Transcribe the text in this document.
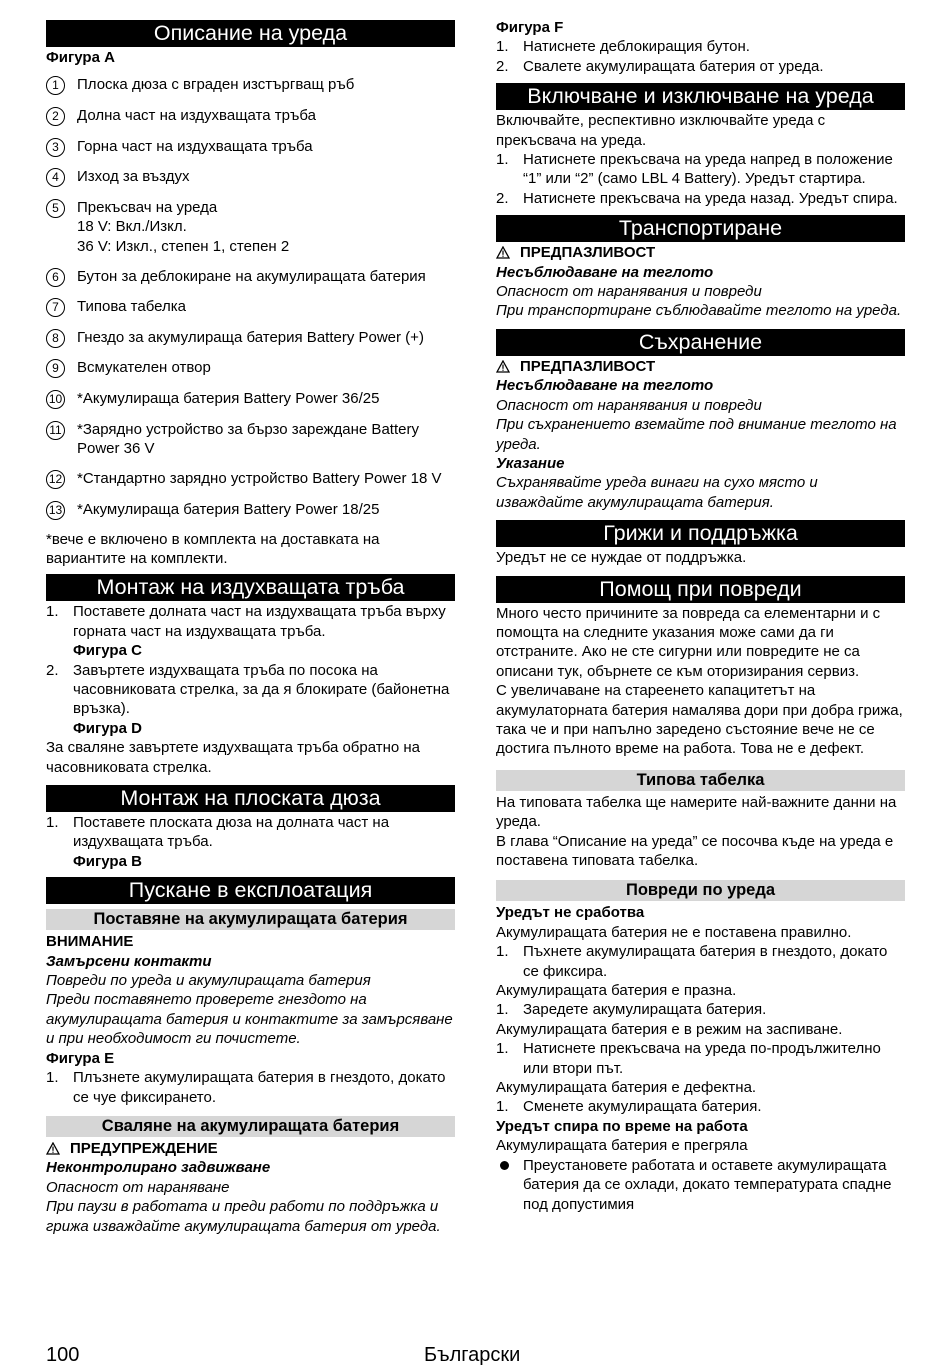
Описание на уреда
Фигура A
1	Плоска дюза с вграден изстъргващ ръб
2	Долна част на издухващата тръба
3	Горна част на издухващата тръба
4	Изход за въздух
5	Прекъсвач на уреда
18 V: Вкл./Изкл.
36 V: Изкл., степен 1, степен 2
6	Бутон за деблокиране на акумулиращата батерия
7	Типова табелка
8	Гнездо за акумулираща батерия Battery Power (+)
9	Всмукателен отвор
10 *Акумулираща батерия Battery Power 36/25
11 *Зарядно устройство за бързо зареждане Battery Power 36 V
12 *Стандартно зарядно устройство Battery Power 18 V
13 *Акумулираща батерия Battery Power 18/25
*вече е включено в комплекта на доставката на вариантите на комплекти.
Монтаж на издухващата тръба
1. Поставете долната част на издухващата тръба върху горната част на издухващата тръба.
Фигура C
2. Завъртете издухващата тръба по посока на часовниковата стрелка, за да я блокирате (байонетна връзка).
Фигура D
За сваляне завъртете издухващата тръба обратно на часовниковата стрелка.
Монтаж на плоската дюза
1. Поставете плоската дюза на долната част на издухващата тръба.
Фигура B
Пускане в експлоатация
Поставяне на акумулиращата батерия
ВНИМАНИЕ
Замърсени контакти
Повреди по уреда и акумулиращата батерия
Преди поставянето проверете гнездото на акумулиращата батерия и контактите за замърсяване и при необходимост ги почистете.
Фигура E
1. Плъзнете акумулиращата батерия в гнездото, докато се чуе фиксирането.
Сваляне на акумулиращата батерия
ПРЕДУПРЕЖДЕНИЕ
Неконтролирано задвижване
Опасност от нараняване
При паузи в работата и преди работи по поддръжка и грижа изваждайте акумулиращата батерия от уреда.
Фигура F
1. Натиснете деблокиращия бутон.
2. Свалете акумулиращата батерия от уреда.
Включване и изключване на уреда
Включвайте, респективно изключвайте уреда с прекъсвача на уреда.
1. Натиснете прекъсвача на уреда напред в положение “1” или “2” (само LBL 4 Battery). Уредът стартира.
2. Натиснете прекъсвача на уреда назад. Уредът спира.
Транспортиране
ПРЕДПАЗЛИВОСТ
Несъблюдаване на теглото
Опасност от наранявания и повреди
При транспортиране съблюдавайте теглото на уреда.
Съхранение
ПРЕДПАЗЛИВОСТ
Несъблюдаване на теглото
Опасност от наранявания и повреди
При съхранението вземайте под внимание теглото на уреда.
Указание
Съхранявайте уреда винаги на сухо място и изваждайте акумулиращата батерия.
Грижи и поддръжка
Уредът не се нуждае от поддръжка.
Помощ при повреди
Много често причините за повреда са елементарни и с помощта на следните указания може сами да ги отстраните. Ако не сте сигурни или повредите не са описани тук, обърнете се към оторизирания сервиз.
С увеличаване на стареенето капацитетът на акумулаторната батерия намалява дори при добра грижа, така че и при напълно заредено състояние вече не се достига пълното време на работа. Това не е дефект.
Типова табелка
На типовата табелка ще намерите най-важните данни на уреда.
В глава “Описание на уреда” се посочва къде на уреда е поставена типовата табелка.
Повреди по уреда
Уредът не сработва
Акумулиращата батерия не е поставена правилно.
1. Пъхнете акумулиращата батерия в гнездото, докато се фиксира.
Акумулиращата батерия е празна.
1. Заредете акумулиращата батерия.
Акумулиращата батерия е в режим на заспиване.
1. Натиснете прекъсвача на уреда по-продължително или втори път.
Акумулиращата батерия е дефектна.
1. Сменете акумулиращата батерия.
Уредът спира по време на работа
Акумулиращата батерия е прегряла
Преустановете работата и оставете акумулиращата батерия да се охлади, докато температурата спадне под допустимия
100	Български
